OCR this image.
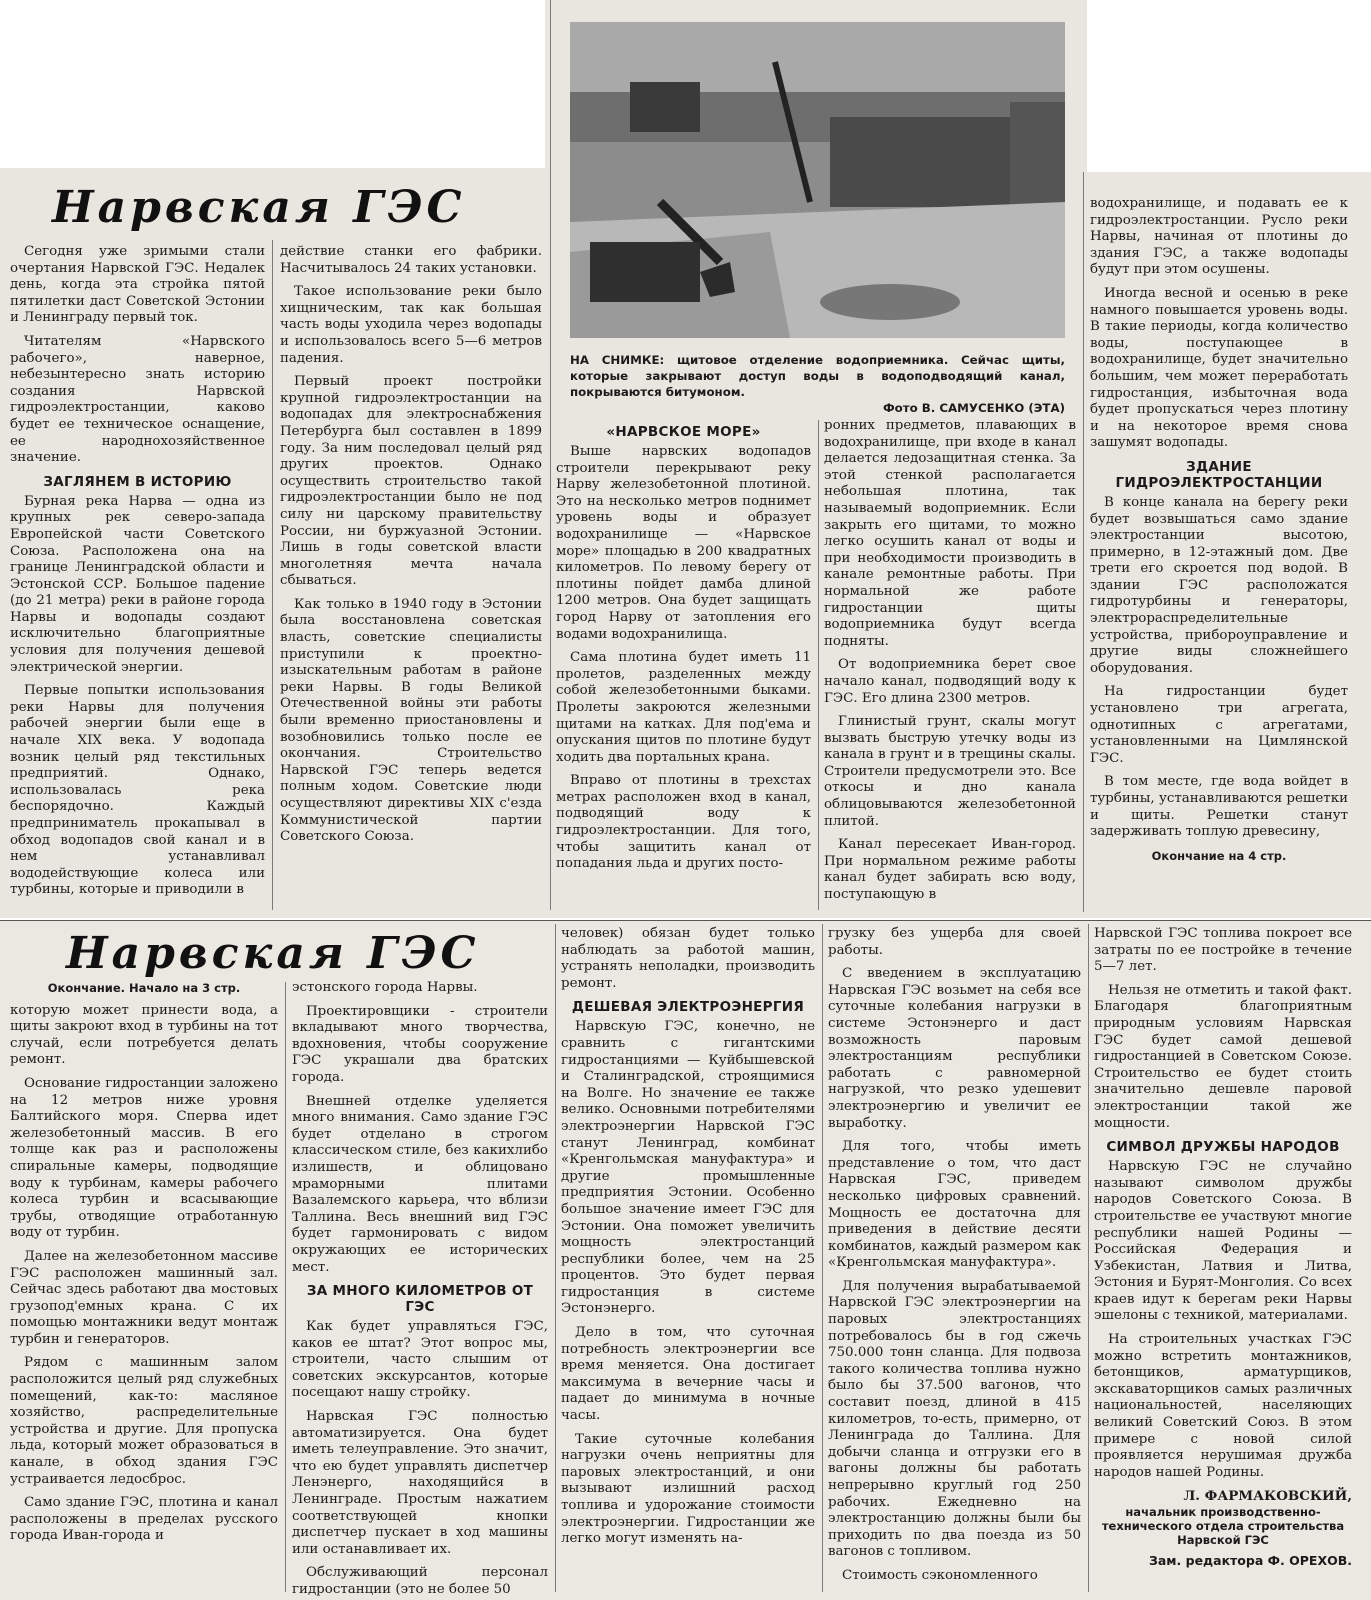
Нарвская ГЭС
НА СНИМКЕ: щитовое отделение водоприемника. Сейчас щиты, которые закрывают доступ воды в водоподводящий канал, покрываются битумоном.
Фото В. САМУСЕНКО (ЭТА)

Сегодня уже зримыми стали очертания Нарвской ГЭС. Недалек день, когда эта стройка пятой пятилетки даст Советской Эстонии и Ленинграду первый ток.

Читателям «Нарвского рабочего», наверное, небезынтересно знать историю создания Нарвской гидроэлектростанции, каково будет ее техническое оснащение, ее народнохозяйственное значение.

ЗАГЛЯНЕМ В ИСТОРИЮ

Бурная река Нарва — одна из крупных рек северо-запада Европейской части Советского Союза. Расположена она на границе Ленинградской области и Эстонской ССР. Большое падение (до 21 метра) реки в районе города Нарвы и водопады создают исключительно благоприятные условия для получения дешевой электрической энергии.

Первые попытки использования реки Нарвы для получения рабочей энергии были еще в начале XIX века. У водопада возник целый ряд текстильных предприятий. Однако, использовалась река беспорядочно. Каждый предприниматель прокапывал в обход водопадов свой канал и в нем устанавливал вододействующие колеса или турбины, которые и приводили в

действие станки его фабрики. Насчитывалось 24 таких установки.

Такое использование реки было хищническим, так как большая часть воды уходила через водопады и использовалось всего 5—6 метров падения.

Первый проект постройки крупной гидроэлектростанции на водопадах для электроснабжения Петербурга был составлен в 1899 году. За ним последовал целый ряд других проектов. Однако осуществить строительство такой гидроэлектростанции было не под силу ни царскому правительству России, ни буржуазной Эстонии. Лишь в годы советской власти многолетняя мечта начала сбываться.

Как только в 1940 году в Эстонии была восстановлена советская власть, советские специалисты приступили к проектно-изыскательным работам в районе реки Нарвы. В годы Великой Отечественной войны эти работы были временно приостановлены и возобновились только после ее окончания. Строительство Нарвской ГЭС теперь ведется полным ходом. Советские люди осуществляют директивы XIX с'езда Коммунистической партии Советского Союза.

«НАРВСКОЕ МОРЕ»

Выше нарвских водопадов строители перекрывают реку Нарву железобетонной плотиной. Это на несколько метров поднимет уровень воды и образует водохранилище — «Нарвское море» площадью в 200 квадратных километров. По левому берегу от плотины пойдет дамба длиной 1200 метров. Она будет защищать город Нарву от затопления его водами водохранилища.

Сама плотина будет иметь 11 пролетов, разделенных между собой железобетонными быками. Пролеты закроются железными щитами на катках. Для под'ема и опускания щитов по плотине будут ходить два портальных крана.

Вправо от плотины в трехстах метрах расположен вход в канал, подводящий воду к гидроэлектростанции. Для того, чтобы защитить канал от попадания льда и других посто-

ронних предметов, плавающих в водохранилище, при входе в канал делается ледозащитная стенка. За этой стенкой располагается небольшая плотина, так называемый водоприемник. Если закрыть его щитами, то можно легко осушить канал от воды и при необходимости производить в канале ремонтные работы. При нормальной же работе гидростанции щиты водоприемника будут всегда подняты.

От водоприемника берет свое начало канал, подводящий воду к ГЭС. Его длина 2300 метров.

Глинистый грунт, скалы могут вызвать быструю утечку воды из канала в грунт и в трещины скалы. Строители предусмотрели это. Все откосы и дно канала облицовываются железобетонной плитой.

Канал пересекает Иван-город. При нормальном режиме работы канал будет забирать всю воду, поступающую в

водохранилище, и подавать ее к гидроэлектростанции. Русло реки Нарвы, начиная от плотины до здания ГЭС, а также водопады будут при этом осушены.

Иногда весной и осенью в реке намного повышается уровень воды. В такие периоды, когда количество воды, поступающее в водохранилище, будет значительно большим, чем может переработать гидростанция, избыточная вода будет пропускаться через плотину и на некоторое время снова зашумят водопады.

ЗДАНИЕ ГИДРОЭЛЕКТРОСТАНЦИИ

В конце канала на берегу реки будет возвышаться само здание электростанции высотою, примерно, в 12-этажный дом. Две трети его скроется под водой. В здании ГЭС расположатся гидротурбины и генераторы, электрораспределительные устройства, прибороуправление и другие виды сложнейшего оборудования.

На гидростанции будет установлено три агрегата, однотипных с агрегатами, установленными на Цимлянской ГЭС.

В том месте, где вода войдет в турбины, устанавливаются решетки и щиты. Решетки станут задерживать топлую древесину,

Окончание на 4 стр.
Нарвская ГЭС
Окончание. Начало на 3 стр.

которую может принести вода, а щиты закроют вход в турбины на тот случай, если потребуется делать ремонт.

Основание гидростанции заложено на 12 метров ниже уровня Балтийского моря. Сперва идет железобетонный массив. В его толще как раз и расположены спиральные камеры, подводящие воду к турбинам, камеры рабочего колеса турбин и всасывающие трубы, отводящие отработанную воду от турбин.

Далее на железобетонном массиве ГЭС расположен машинный зал. Сейчас здесь работают два мостовых грузопод'емных крана. С их помощью монтажники ведут монтаж турбин и генераторов.

Рядом с машинным залом расположится целый ряд служебных помещений, как-то: масляное хозяйство, распределительные устройства и другие. Для пропуска льда, который может образоваться в канале, в обход здания ГЭС устраивается ледосброс.

Само здание ГЭС, плотина и канал расположены в пределах русского города Иван-города и

эстонского города Нарвы.

Проектировщики - строители вкладывают много творчества, вдохновения, чтобы сооружение ГЭС украшали два братских города.

Внешней отделке уделяется много внимания. Само здание ГЭС будет отделано в строгом классическом стиле, без какихлибо излишеств, и облицовано мраморными плитами Вазалемского карьера, что вблизи Таллина. Весь внешний вид ГЭС будет гармонировать с видом окружающих ее исторических мест.

ЗА МНОГО КИЛОМЕТРОВ ОТ ГЭС

Как будет управляться ГЭС, каков ее штат? Этот вопрос мы, строители, часто слышим от советских экскурсантов, которые посещают нашу стройку.

Нарвская ГЭС полностью автоматизируется. Она будет иметь телеуправление. Это значит, что ею будет управлять диспетчер Ленэнерго, находящийся в Ленинграде. Простым нажатием соответствующей кнопки диспетчер пускает в ход машины или останавливает их.

Обслуживающий персонал гидростанции (это не более 50

человек) обязан будет только наблюдать за работой машин, устранять неполадки, производить ремонт.

ДЕШЕВАЯ ЭЛЕКТРОЭНЕРГИЯ

Нарвскую ГЭС, конечно, не сравнить с гигантскими гидростанциями — Куйбышевской и Сталинградской, строящимися на Волге. Но значение ее также велико. Основными потребителями электроэнергии Нарвской ГЭС станут Ленинград, комбинат «Кренгольмская мануфактура» и другие промышленные предприятия Эстонии. Особенно большое значение имеет ГЭС для Эстонии. Она поможет увеличить мощность электростанций республики более, чем на 25 процентов. Это будет первая гидростанция в системе Эстонэнерго.

Дело в том, что суточная потребность электроэнергии все время меняется. Она достигает максимума в вечерние часы и падает до минимума в ночные часы.

Такие суточные колебания нагрузки очень неприятны для паровых электростанций, и они вызывают излишний расход топлива и удорожание стоимости электроэнергии. Гидростанции же легко могут изменять на-

грузку без ущерба для своей работы.

С введением в эксплуатацию Нарвская ГЭС возьмет на себя все суточные колебания нагрузки в системе Эстонэнерго и даст возможность паровым электростанциям республики работать с равномерной нагрузкой, что резко удешевит электроэнергию и увеличит ее выработку.

Для того, чтобы иметь представление о том, что даст Нарвская ГЭС, приведем несколько цифровых сравнений. Мощность ее достаточна для приведения в действие десяти комбинатов, каждый размером как «Кренгольмская мануфактура».

Для получения вырабатываемой Нарвской ГЭС электроэнергии на паровых электростанциях потребовалось бы в год сжечь 750.000 тонн сланца. Для подвоза такого количества топлива нужно было бы 37.500 вагонов, что составит поезд, длиной в 415 километров, то-есть, примерно, от Ленинграда до Таллина. Для добычи сланца и отгрузки его в вагоны должны бы работать непрерывно круглый год 250 рабочих. Ежедневно на электростанцию должны были бы приходить по два поезда из 50 вагонов с топливом.

Стоимость сэкономленного

Нарвской ГЭС топлива покроет все затраты по ее постройке в течение 5—7 лет.

Нельзя не отметить и такой факт. Благодаря благоприятным природным условиям Нарвская ГЭС будет самой дешевой гидростанцией в Советском Союзе. Строительство ее будет стоить значительно дешевле паровой электростанции такой же мощности.

СИМВОЛ ДРУЖБЫ НАРОДОВ

Нарвскую ГЭС не случайно называют символом дружбы народов Советского Союза. В строительстве ее участвуют многие республики нашей Родины — Российская Федерация и Узбекистан, Латвия и Литва, Эстония и Бурят-Монголия. Со всех краев идут к берегам реки Нарвы эшелоны с техникой, материалами.

На строительных участках ГЭС можно встретить монтажников, бетонщиков, арматурщиков, экскаваторщиков самых различных национальностей, населяющих великий Советский Союз. В этом примере с новой силой проявляется нерушимая дружба народов нашей Родины.

Л. ФАРМАКОВСКИЙ,
начальник производственно-технического отдела строительства Нарвской ГЭС
Зам. редактора Ф. ОРЕХОВ.
